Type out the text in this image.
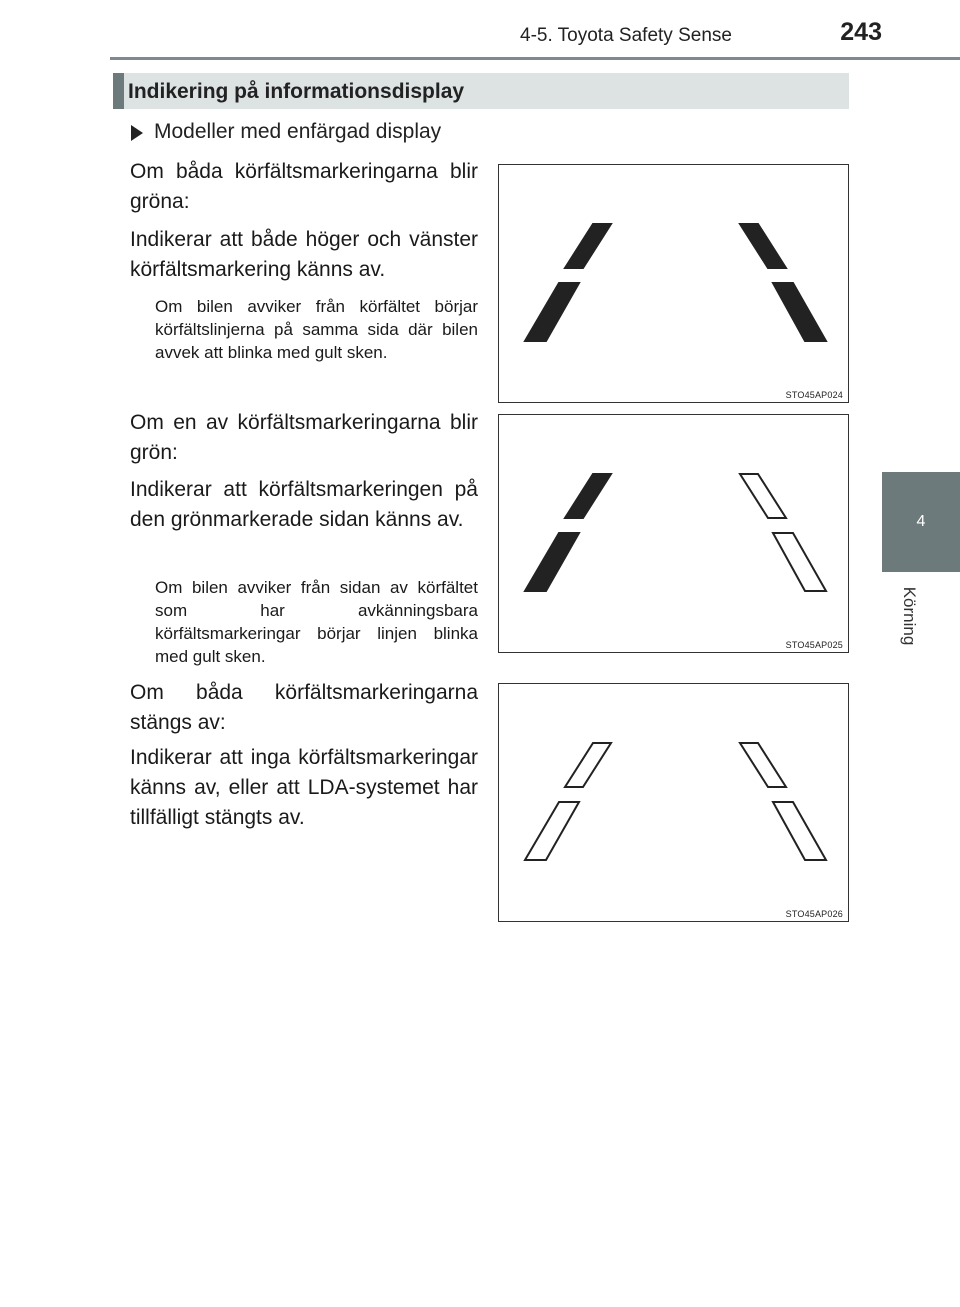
4-5. Toyota Safety Sense	243
4
Körning
Indikering på informationsdisplay
Modeller med enfärgad display

Om båda körfältsmarkeringarna blir gröna:

Indikerar att både höger och vänster körfältsmarkering känns av.

Om bilen avviker från körfältet börjar körfältslinjerna på samma sida där bilen avvek att blinka med gult sken.

Om en av körfältsmarkeringarna blir grön:

Indikerar att körfältsmarkeringen på den grönmarkerade sidan känns av.

Om bilen avviker från sidan av körfältet som har avkänningsbara körfältsmarkeringar börjar linjen blinka med gult sken.

Om båda körfältsmarkeringarna stängs av:

Indikerar att inga körfältsmarkeringar känns av, eller att LDA-systemet har tillfälligt stängts av.

STO45AP024
STO45AP025
STO45AP026
